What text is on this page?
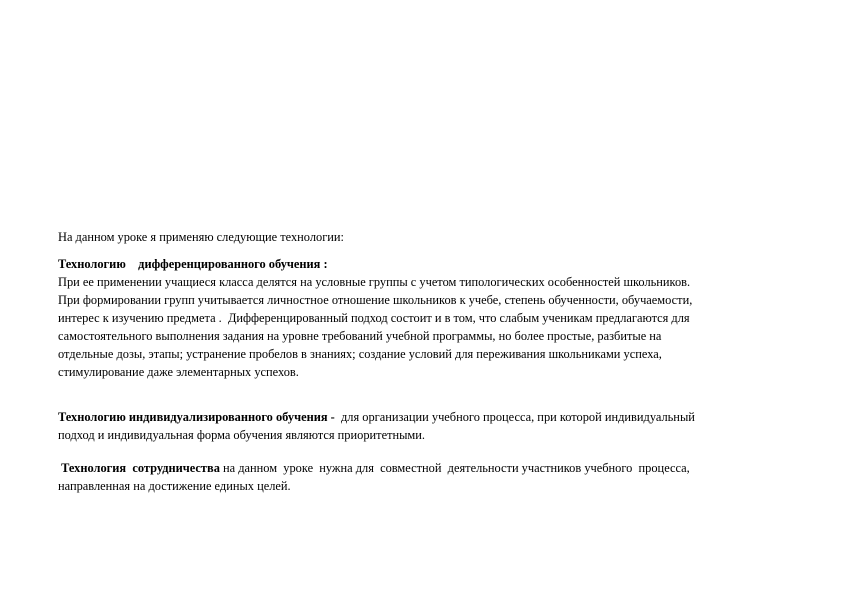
На данном уроке я применяю следующие технологии:

Технологию    дифференцированного обучения :
При ее применении учащиеся класса делятся на условные группы с учетом типологических особенностей школьников.
При формировании групп учитывается личностное отношение школьников к учебе, степень обученности, обучаемости,
интерес к изучению предмета .  Дифференцированный подход состоит и в том, что слабым ученикам предлагаются для
самостоятельного выполнения задания на уровне требований учебной программы, но более простые, разбитые на
отдельные дозы, этапы; устранение пробелов в знаниях; создание условий для переживания школьниками успеха,
стимулирование даже элементарных успехов.
Технологию индивидуализированного обучения -  для организации учебного процесса, при которой индивидуальный
подход и индивидуальная форма обучения являются приоритетными.
Технология  сотрудничества на данном  уроке  нужна для  совместной  деятельности участников учебного  процесса,
направленная на достижение единых целей.
